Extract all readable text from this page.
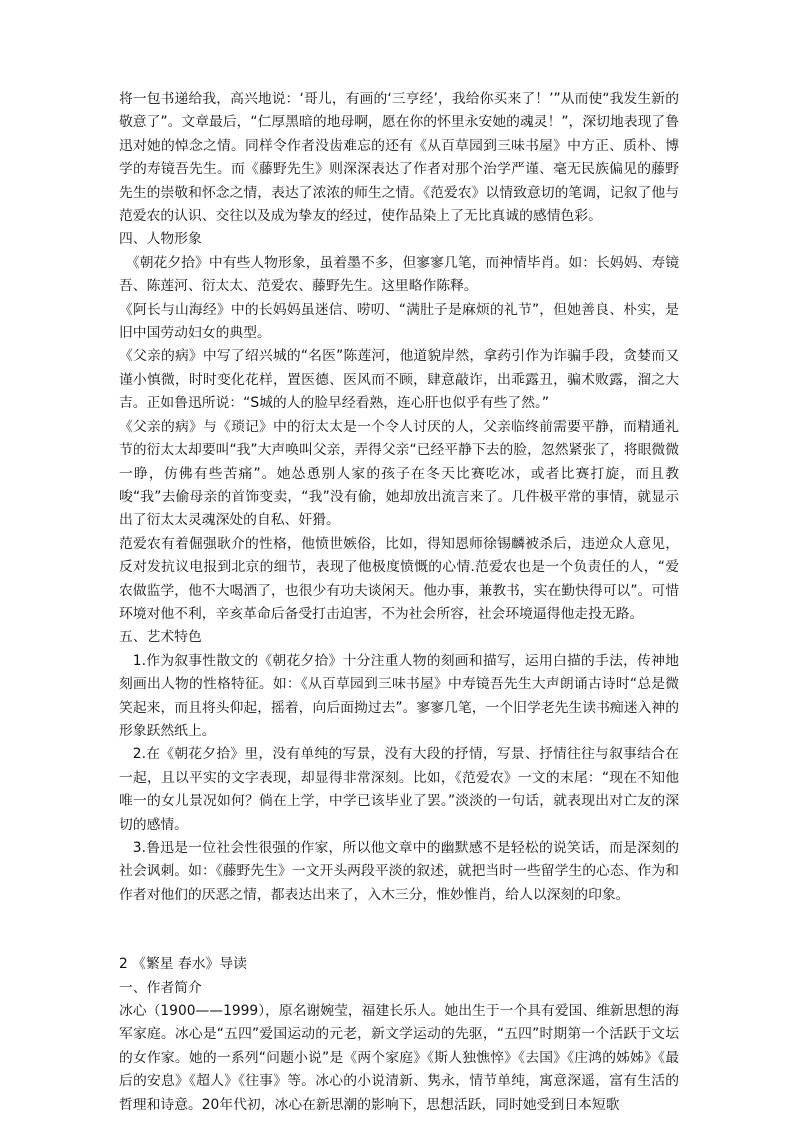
将一包书递给我，高兴地说：‘哥儿，有画的‘三亨经’，我给你买来了！’”从而使“我发生新的敬意了”。文章最后，“仁厚黑暗的地母啊，愿在你的怀里永安她的魂灵！”，深切地表现了鲁迅对她的悼念之情。同样令作者没齿难忘的还有《从百草园到三味书屋》中方正、质朴、博学的寿镜吾先生。而《藤野先生》则深深表达了作者对那个治学严谨、毫无民族偏见的藤野先生的崇敬和怀念之情，表达了浓浓的师生之情。《范爱农》以情致意切的笔调，记叙了他与范爱农的认识、交往以及成为挚友的经过，使作品染上了无比真诚的感情色彩。

四、人物形象

《朝花夕拾》中有些人物形象，虽着墨不多，但寥寥几笔，而神情毕肖。如：长妈妈、寿镜吾、陈莲河、衍太太、范爱农、藤野先生。这里略作陈释。

《阿长与山海经》中的长妈妈虽迷信、唠叨、“满肚子是麻烦的礼节”，但她善良、朴实，是旧中国劳动妇女的典型。

《父亲的病》中写了绍兴城的“名医”陈莲河，他道貌岸然，拿药引作为诈骗手段，贪婪而又谨小慎微，时时变化花样，置医德、医风而不顾，肆意敲诈，出乖露丑，骗术败露，溜之大吉。正如鲁迅所说：“S城的人的脸早经看熟，连心肝也似乎有些了然。”

《父亲的病》与《琐记》中的衍太太是一个令人讨厌的人，父亲临终前需要平静，而精通礼节的衍太太却要叫“我”大声唤叫父亲，弄得父亲“已经平静下去的脸，忽然紧张了，将眼微微一睁，仿佛有些苦痛”。她怂恿别人家的孩子在冬天比赛吃冰，或者比赛打旋，而且教唆“我”去偷母亲的首饰变卖，“我”没有偷，她却放出流言来了。几件极平常的事情，就显示出了衍太太灵魂深处的自私、奸猾。

范爱农有着倔强耿介的性格，他愤世嫉俗，比如，得知恩师徐锡麟被杀后，违逆众人意见，反对发抗议电报到北京的细节，表现了他极度愤慨的心情.范爱农也是一个负责任的人，“爱农做监学，他不大喝酒了，也很少有功夫谈闲天。他办事，兼教书，实在勤快得可以”。可惜环境对他不利，辛亥革命后备受打击迫害，不为社会所容，社会环境逼得他走投无路。

五、艺术特色

1.作为叙事性散文的《朝花夕拾》十分注重人物的刻画和描写，运用白描的手法，传神地刻画出人物的性格特征。如：《从百草园到三味书屋》中寿镜吾先生大声朗诵古诗时“总是微笑起来，而且将头仰起，摇着，向后面拗过去”。寥寥几笔，一个旧学老先生读书痴迷入神的形象跃然纸上。

2.在《朝花夕拾》里，没有单纯的写景，没有大段的抒情，写景、抒情往往与叙事结合在一起，且以平实的文字表现，却显得非常深刻。比如，《范爱农》一文的末尾：“现在不知他唯一的女儿景况如何？倘在上学，中学已该毕业了罢。”淡淡的一句话，就表现出对亡友的深切的感情。

3.鲁迅是一位社会性很强的作家，所以他文章中的幽默感不是轻松的说笑话，而是深刻的社会讽刺。如：《藤野先生》一文开头两段平淡的叙述，就把当时一些留学生的心态、作为和作者对他们的厌恶之情，都表达出来了，入木三分，惟妙惟肖，给人以深刻的印象。

2 《繁星 春水》导读

一、作者简介

冰心（1900——1999），原名谢婉莹，福建长乐人。她出生于一个具有爱国、维新思想的海军家庭。冰心是“五四”爱国运动的元老，新文学运动的先驱，“五四”时期第一个活跃于文坛的女作家。她的一系列“问题小说”是《两个家庭》《斯人独憔悴》《去国》《庄鸿的姊姊》《最后的安息》《超人》《往事》等。冰心的小说清新、隽永，情节单纯，寓意深遥，富有生活的哲理和诗意。20年代初，冰心在新思潮的影响下，思想活跃，同时她受到日本短歌
